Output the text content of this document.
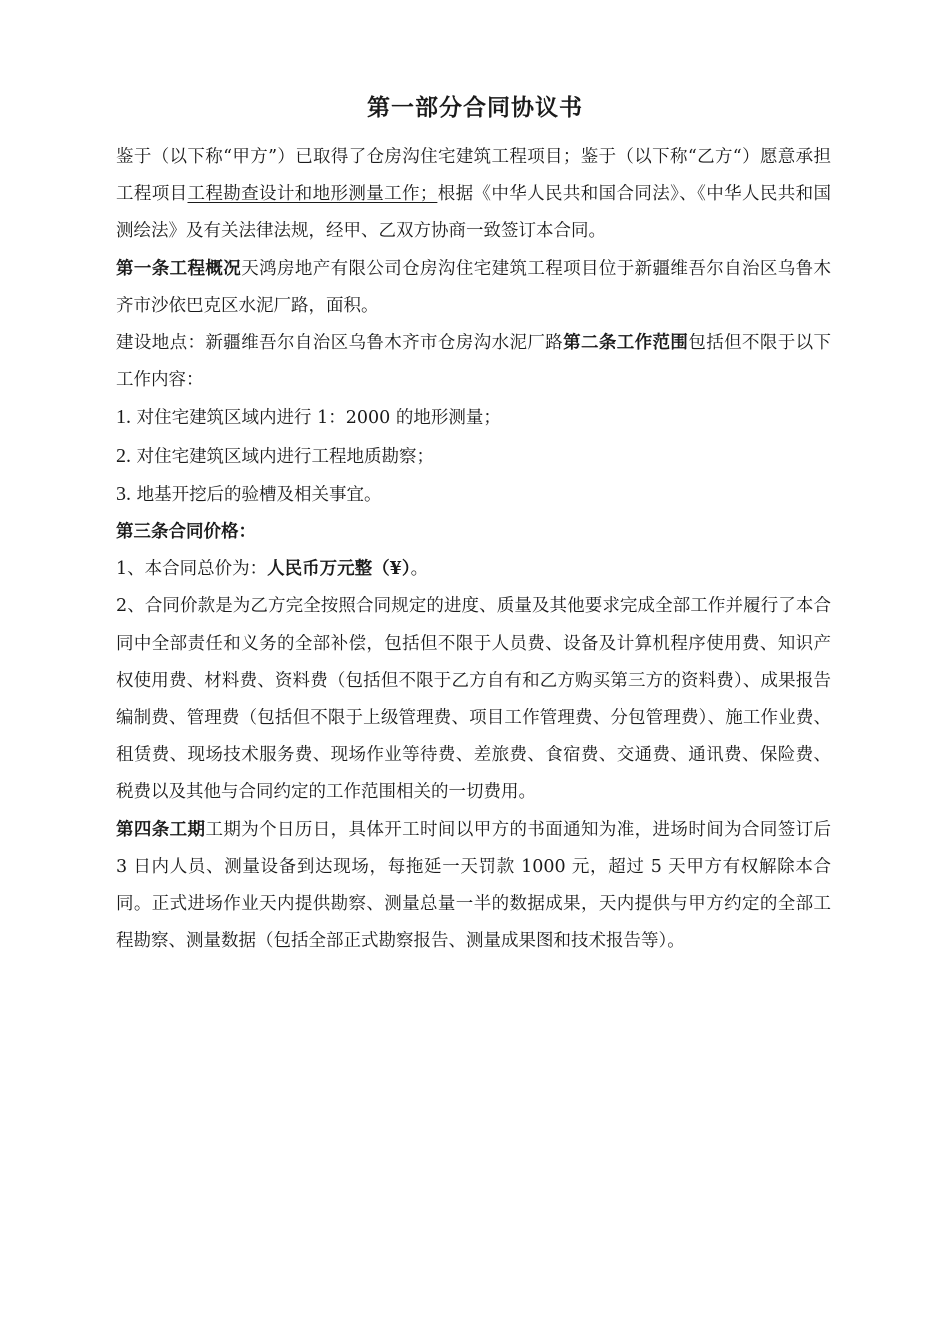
第一部分合同协议书

鉴于（以下称“甲方”）已取得了仓房沟住宅建筑工程项目；鉴于（以下称“乙方“）愿意承担工程项目工程勘查设计和地形测量工作；根据《中华人民共和国合同法》、《中华人民共和国测绘法》及有关法律法规，经甲、乙双方协商一致签订本合同。

第一条工程概况天鸿房地产有限公司仓房沟住宅建筑工程项目位于新疆维吾尔自治区乌鲁木齐市沙依巴克区水泥厂路，面积。

建设地点：新疆维吾尔自治区乌鲁木齐市仓房沟水泥厂路第二条工作范围包括但不限于以下工作内容：

1. 对住宅建筑区域内进行 1：2000 的地形测量；

2. 对住宅建筑区域内进行工程地质勘察；

3. 地基开挖后的验槽及相关事宜。

第三条合同价格：

1、本合同总价为：人民币万元整（¥）。

2、合同价款是为乙方完全按照合同规定的进度、质量及其他要求完成全部工作并履行了本合同中全部责任和义务的全部补偿，包括但不限于人员费、设备及计算机程序使用费、知识产权使用费、材料费、资料费（包括但不限于乙方自有和乙方购买第三方的资料费）、成果报告编制费、管理费（包括但不限于上级管理费、项目工作管理费、分包管理费）、施工作业费、租赁费、现场技术服务费、现场作业等待费、差旅费、食宿费、交通费、通讯费、保险费、税费以及其他与合同约定的工作范围相关的一切费用。

第四条工期工期为个日历日，具体开工时间以甲方的书面通知为准，进场时间为合同签订后 3 日内人员、测量设备到达现场，每拖延一天罚款 1000 元，超过 5 天甲方有权解除本合同。正式进场作业天内提供勘察、测量总量一半的数据成果，天内提供与甲方约定的全部工程勘察、测量数据（包括全部正式勘察报告、测量成果图和技术报告等）。
